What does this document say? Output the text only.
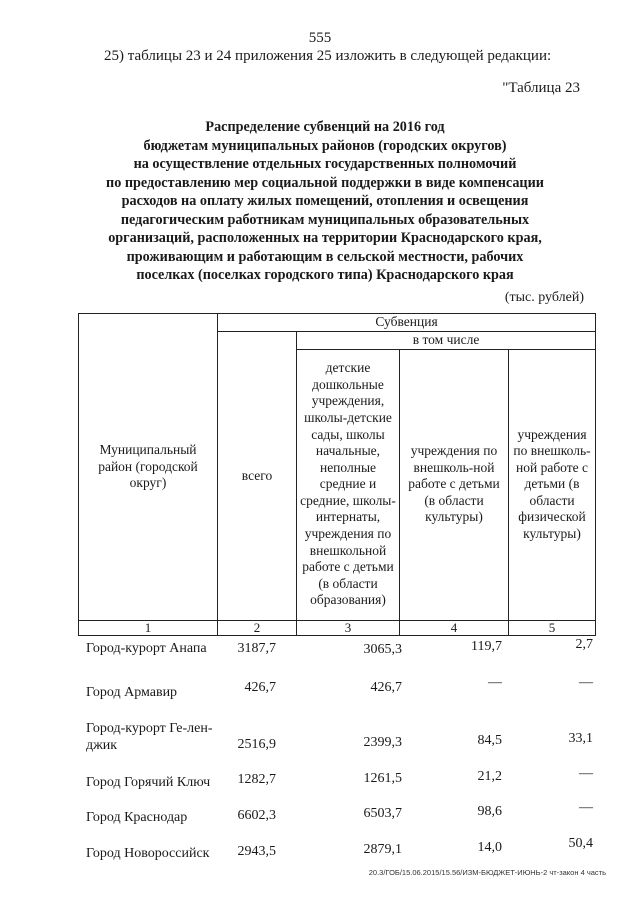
555
25) таблицы 23 и 24 приложения 25 изложить в следующей редакции:
"Таблица 23
Распределение субвенций на 2016 год
бюджетам муниципальных районов (городских округов)
на осуществление отдельных государственных полномочий
по предоставлению мер социальной поддержки в виде компенсации
расходов на оплату жилых помещений, отопления и освещения
педагогическим работникам муниципальных образовательных
организаций, расположенных на территории Краснодарского края,
проживающим и работающим в сельской местности, рабочих
поселках (поселках городского типа) Краснодарского края
(тыс. рублей)
Муниципальный район (городской округ)	Субвенция			
	всего	в том числе		
		детские дошкольные учреждения, школы-детские сады, школы начальные, неполные средние и средние, школы-интернаты, учреждения по внешкольной работе с детьми (в области образования)	учреждения по внешколь-ной работе с детьми (в области культуры)	учреждения по внешколь-ной работе с детьми (в области физической культуры)
1	2	3	4	5
Город-курорт Анапа	3187,7	3065,3	119,7	2,7
Город Армавир	426,7	426,7	—	—
Город-курорт Ге-ленджик	2516,9	2399,3	84,5	33,1
Город Горячий Ключ	1282,7	1261,5	21,2	—
Город Краснодар	6602,3	6503,7	98,6	—
Город Новороссийск	2943,5	2879,1	14,0	50,4
20.3/ГОБ/15.06.2015/15.56/ИЗМ-БЮДЖЕТ-ИЮНЬ-2 чт-закон 4 часть
